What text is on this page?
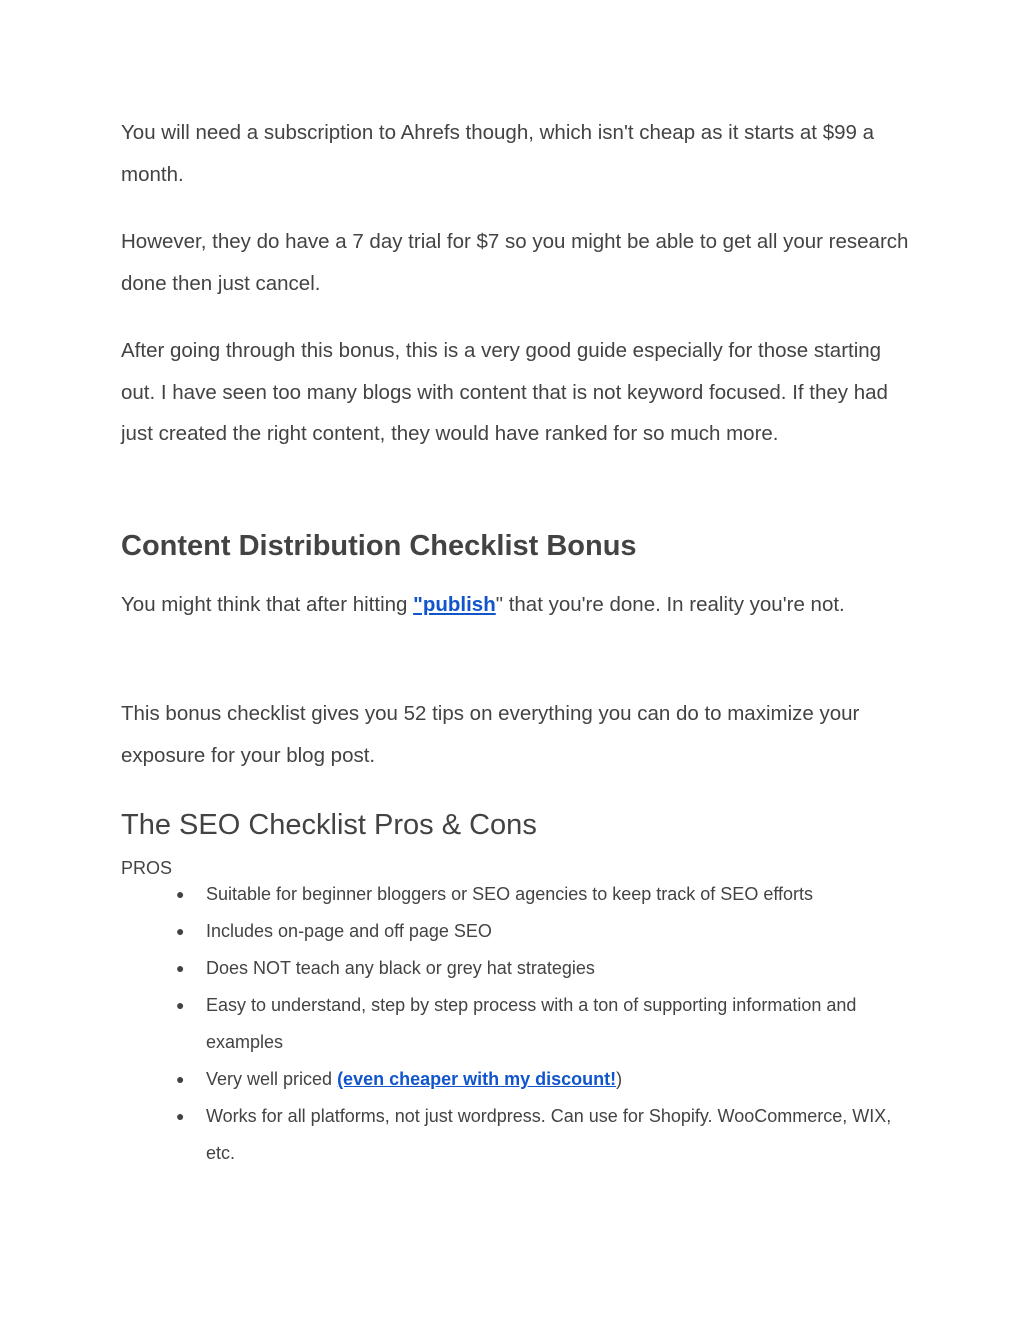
You will need a subscription to Ahrefs though, which isn't cheap as it starts at $99 a month.

However, they do have a 7 day trial for $7 so you might be able to get all your research done then just cancel.

After going through this bonus, this is a very good guide especially for those starting out. I have seen too many blogs with content that is not keyword focused. If they had just created the right content, they would have ranked for so much more.

Content Distribution Checklist Bonus

You might think that after hitting "publish" that you're done. In reality you're not.

This bonus checklist gives you 52 tips on everything you can do to maximize your exposure for your blog post.

The SEO Checklist Pros & Cons
PROS
● Suitable for beginner bloggers or SEO agencies to keep track of SEO efforts
● Includes on-page and off page SEO
● Does NOT teach any black or grey hat strategies
● Easy to understand, step by step process with a ton of supporting information and examples
● Very well priced (even cheaper with my discount!)
● Works for all platforms, not just wordpress. Can use for Shopify. WooCommerce, WIX, etc.
